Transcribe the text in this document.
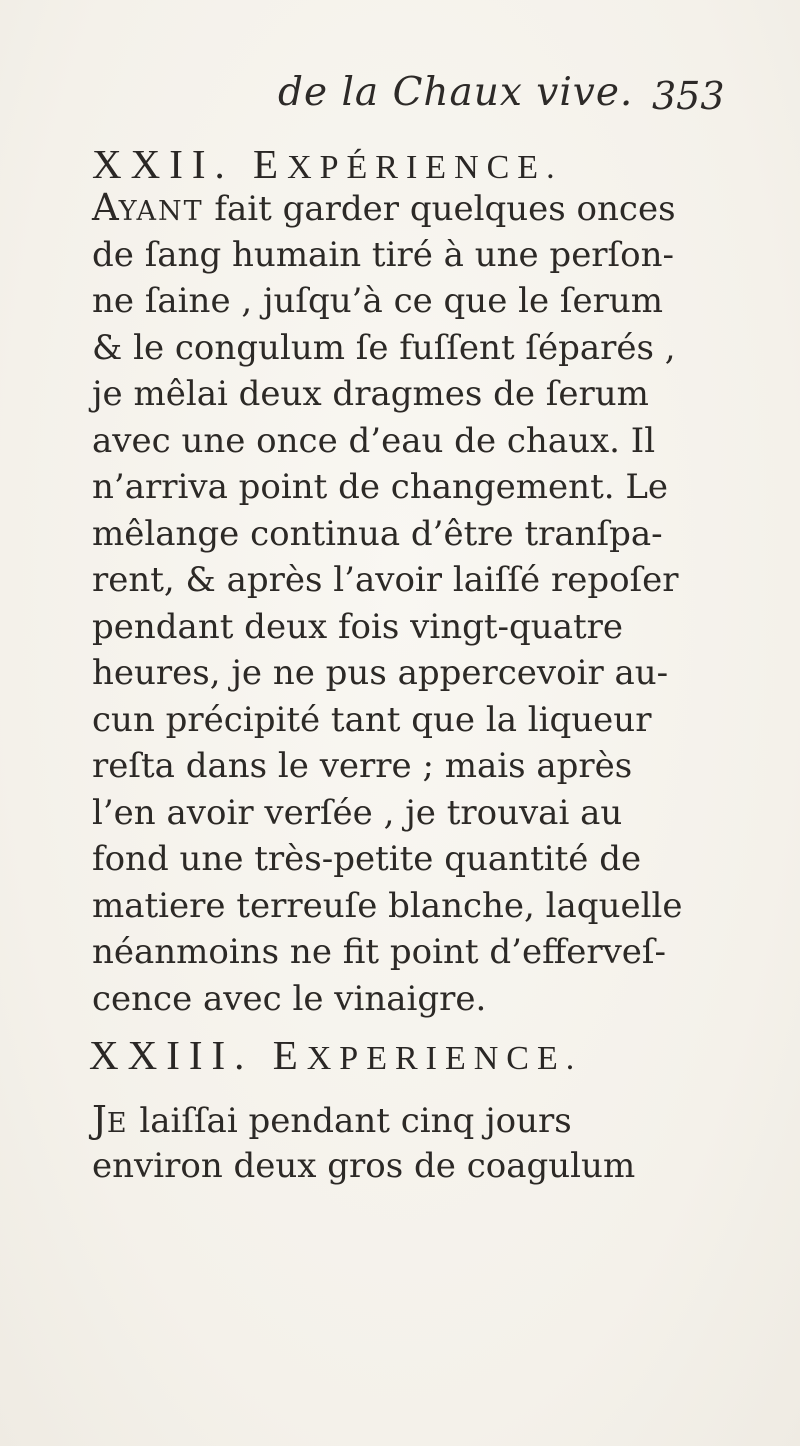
de la Chaux vive. 353
XXII. EXPÉRIENCE.
AYANT fait garder quelques onces
de ſang humain tiré à une perſon-
ne ſaine , juſqu’à ce que le ſerum
& le congulum ſe fuſſent ſéparés ,
je mêlai deux dragmes de ſerum
avec une once d’eau de chaux. Il
n’arriva point de changement. Le
mêlange continua d’être tranſpa-
rent, & après l’avoir laiſſé repoſer
pendant deux fois vingt-quatre
heures, je ne pus appercevoir au-
cun précipité tant que la liqueur
reſta dans le verre ; mais après
l’en avoir verſée , je trouvai au
fond une très-petite quantité de
matiere terreuſe blanche, laquelle
néanmoins ne fit point d’efferveſ-
cence avec le vinaigre.
XXIII. EXPERIENCE.
JE laiſſai pendant cinq jours
environ deux gros de coagulum
